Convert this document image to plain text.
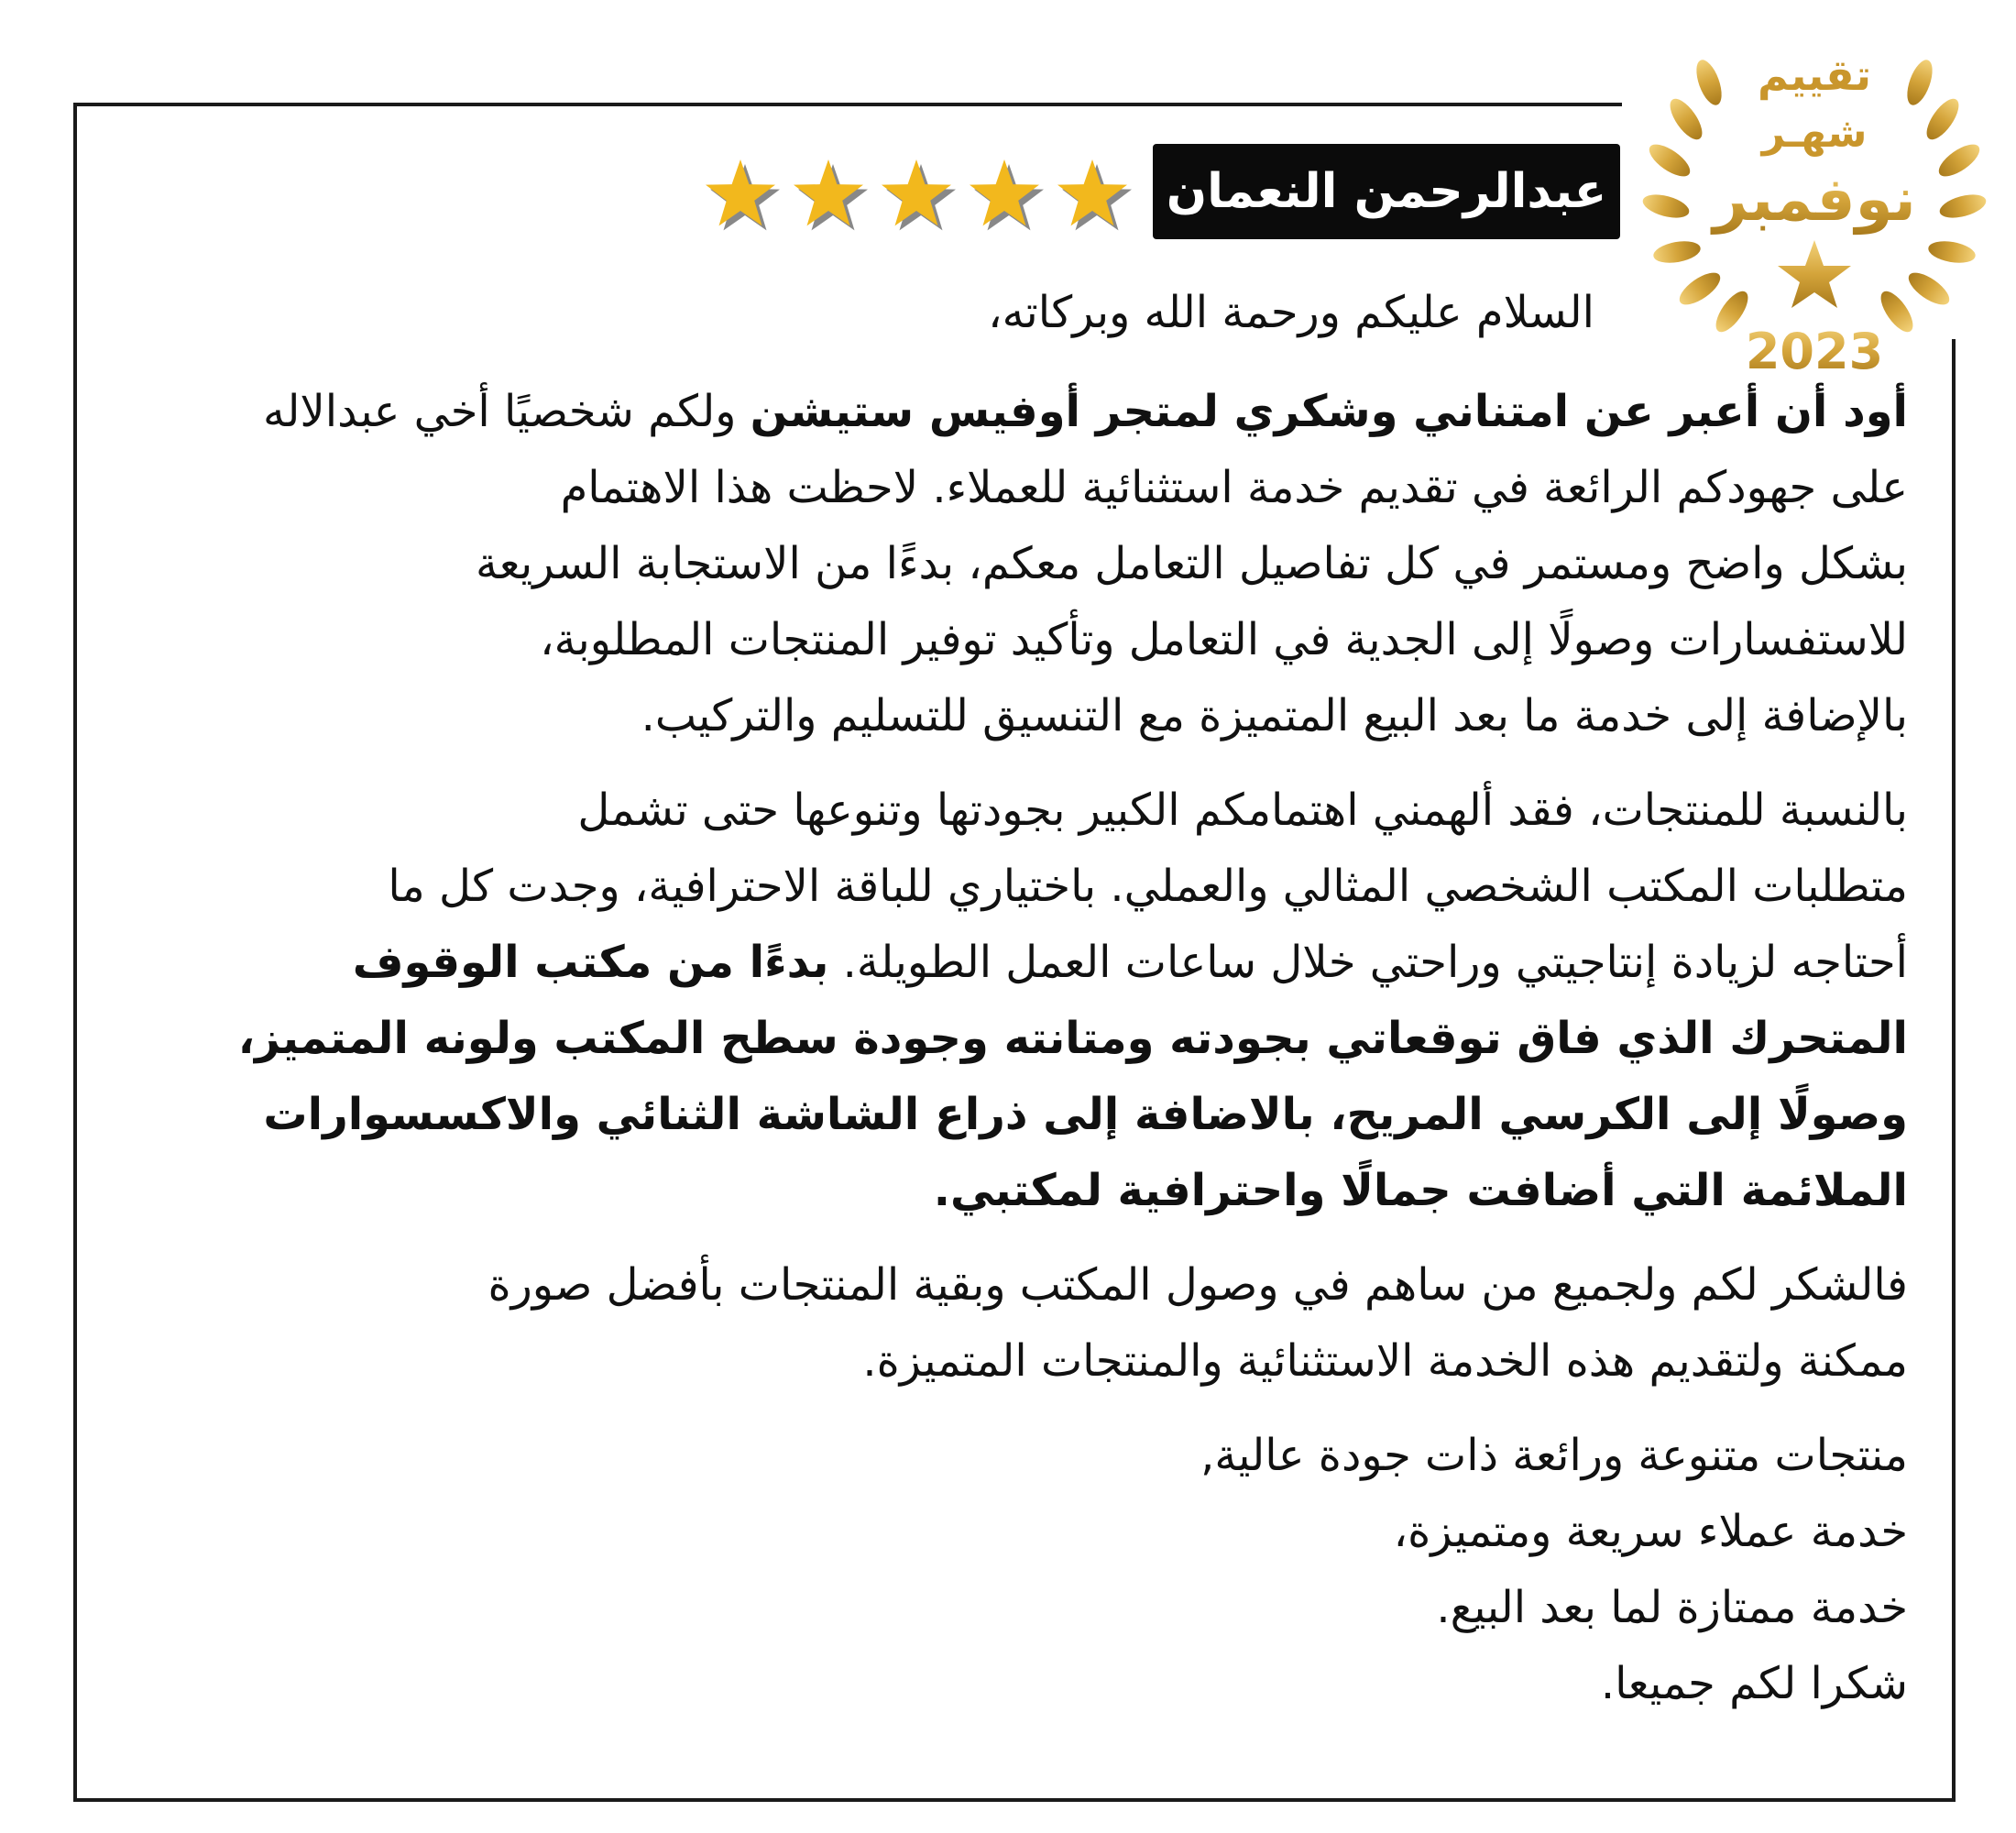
عبدالرحمن النعمان
تقييم
شهـر
نوفمبر
2023
السلام عليكم ورحمة الله وبركاته،
أود أن أعبر عن امتناني وشكري لمتجر أوفيس ستيشن ولكم شخصيًا أخي عبدالاله
على جهودكم الرائعة في تقديم خدمة استثنائية للعملاء. لاحظت هذا الاهتمام
بشكل واضح ومستمر في كل تفاصيل التعامل معكم، بدءًا من الاستجابة السريعة
للاستفسارات وصولًا إلى الجدية في التعامل وتأكيد توفير المنتجات المطلوبة،
بالإضافة إلى خدمة ما بعد البيع المتميزة مع التنسيق للتسليم والتركيب.
بالنسبة للمنتجات، فقد ألهمني اهتمامكم الكبير بجودتها وتنوعها حتى تشمل
متطلبات المكتب الشخصي المثالي والعملي. باختياري للباقة الاحترافية، وجدت كل ما
أحتاجه لزيادة إنتاجيتي وراحتي خلال ساعات العمل الطويلة. بدءًا من مكتب الوقوف
المتحرك الذي فاق توقعاتي بجودته ومتانته وجودة سطح المكتب ولونه المتميز،
وصولًا إلى الكرسي المريح، بالاضافة إلى ذراع الشاشة الثنائي والاكسسوارات
الملائمة التي أضافت جمالًا واحترافية لمكتبي.
فالشكر لكم ولجميع من ساهم في وصول المكتب وبقية المنتجات بأفضل صورة
ممكنة ولتقديم هذه الخدمة الاستثنائية والمنتجات المتميزة.
منتجات متنوعة ورائعة ذات جودة عالية,
خدمة عملاء سريعة ومتميزة،
خدمة ممتازة لما بعد البيع.
شكرا لكم جميعا.
